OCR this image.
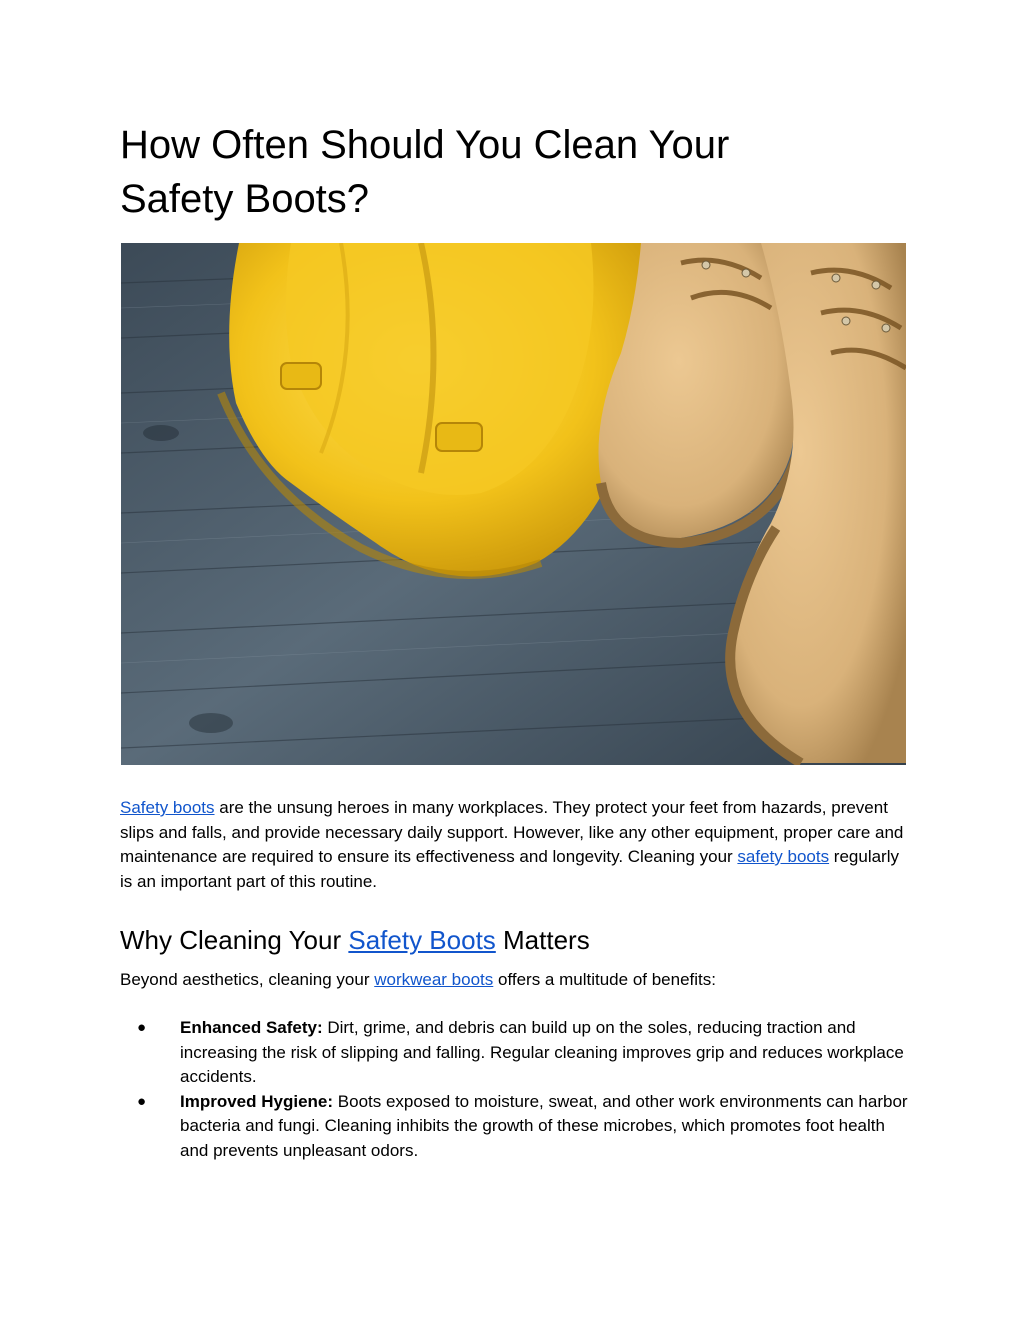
How Often Should You Clean Your
Safety Boots?

Safety boots are the unsung heroes in many workplaces. They protect your feet from hazards, prevent slips and falls, and provide necessary daily support. However, like any other equipment, proper care and maintenance are required to ensure its effectiveness and longevity. Cleaning your safety boots regularly is an important part of this routine.

Why Cleaning Your Safety Boots Matters

Beyond aesthetics, cleaning your workwear boots offers a multitude of benefits:

● Enhanced Safety: Dirt, grime, and debris can build up on the soles, reducing traction and increasing the risk of slipping and falling. Regular cleaning improves grip and reduces workplace accidents.
● Improved Hygiene: Boots exposed to moisture, sweat, and other work environments can harbor bacteria and fungi. Cleaning inhibits the growth of these microbes, which promotes foot health and prevents unpleasant odors.
